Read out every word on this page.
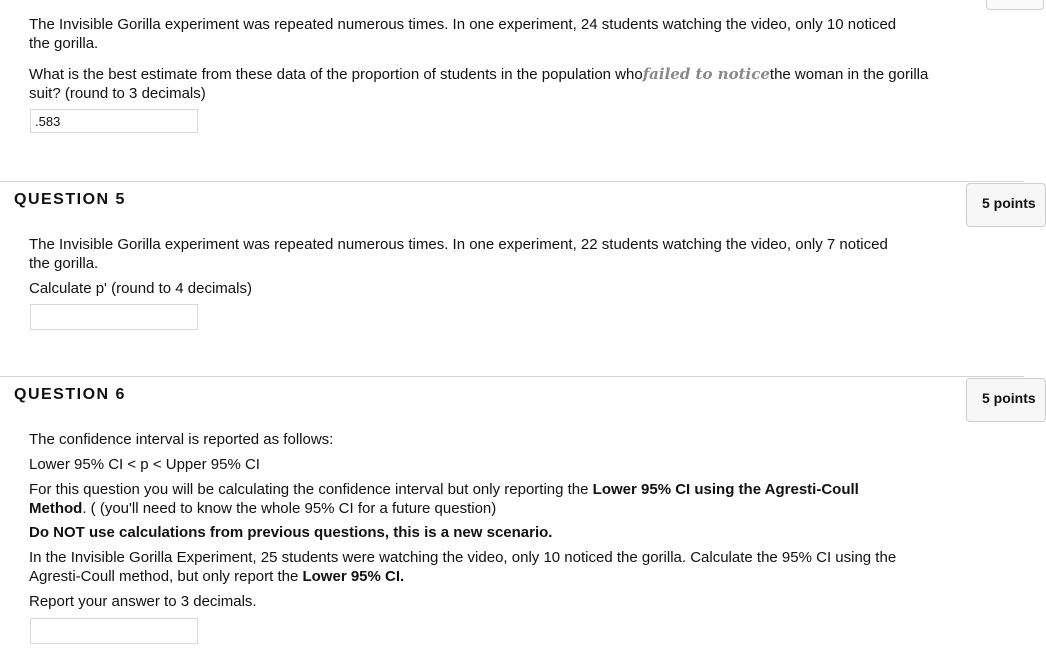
The Invisible Gorilla experiment was repeated numerous times. In one experiment, 24 students watching the video, only 10 noticed the gorilla.

What is the best estimate from these data of the proportion of students in the population whofailed to noticethe woman in the gorilla suit? (round to 3 decimals)

.583
QUESTION 5	5 points

The Invisible Gorilla experiment was repeated numerous times. In one experiment, 22 students watching the video, only 7 noticed the gorilla.

Calculate p' (round to 4 decimals)

QUESTION 6	5 points

The confidence interval is reported as follows:

Lower 95% CI < p < Upper 95% CI

For this question you will be calculating the confidence interval but only reporting the Lower 95% CI using the Agresti-Coull Method. ( (you'll need to know the whole 95% CI for a future question)

Do NOT use calculations from previous questions, this is a new scenario.

In the Invisible Gorilla Experiment, 25 students were watching the video, only 10 noticed the gorilla. Calculate the 95% CI using the Agresti-Coull method, but only report the Lower 95% CI.

Report your answer to 3 decimals.
